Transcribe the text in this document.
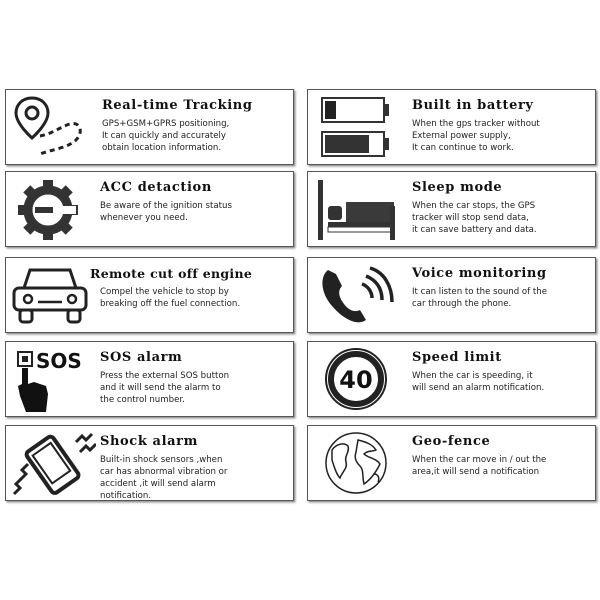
Real-time Tracking
GPS+GSM+GPRS positioning,
It can quickly and accurately
obtain location information.
Built in battery
When the gps tracker without
External power supply,
It can continue to work.
ACC detaction
Be aware of the ignition status
whenever you need.
Sleep mode
When the car stops, the GPS
tracker will stop send data,
it can save battery and data.
Remote cut off engine
Compel the vehicle to stop by
breaking off the fuel connection.
Voice monitoring
It can listen to the sound of the
car through the phone.
SOS SOS alarm
Press the external SOS button
and it will send the alarm to
the control number.
40
Speed limit
When the car is speeding, it
will send an alarm notification.
Shock alarm
Built-in shock sensors ,when
car has abnormal vibration or
accident ,it will send alarm
notification.
Geo-fence
When the car move in / out the
area,it will send a notification
